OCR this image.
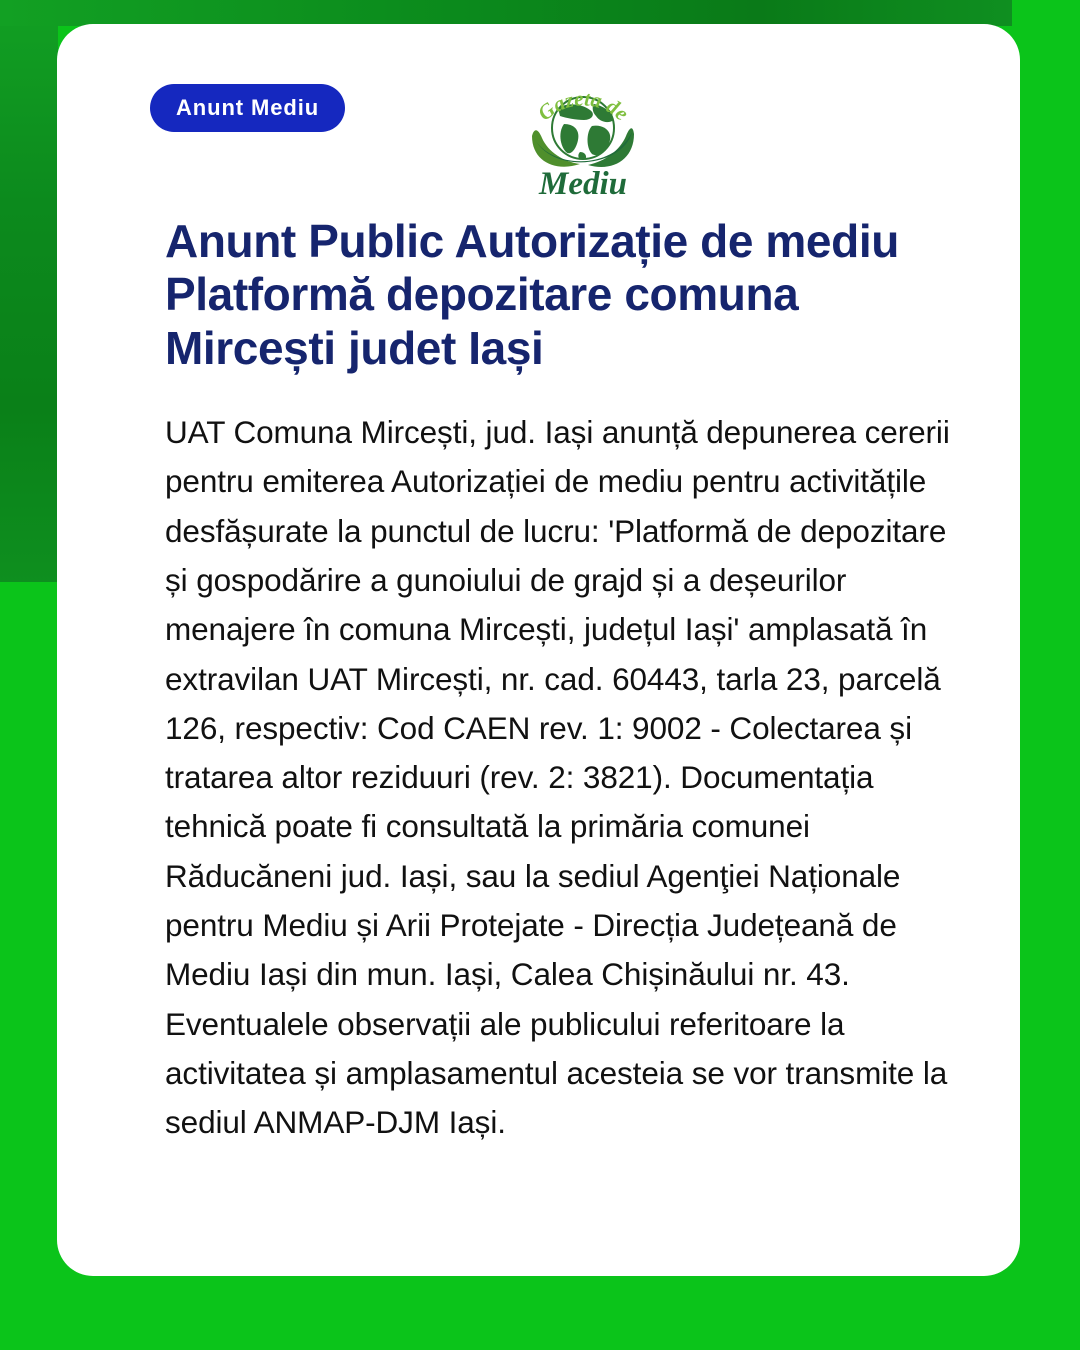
Anunt Mediu	Gazeta de
Mediu
Anunt Public Autorizație de mediu Platformă depozitare comuna Mircești judet Iași

UAT Comuna Mircești, jud. Iași anunță depunerea cererii pentru emiterea Autorizației de mediu pentru activitățile desfășurate la punctul de lucru: 'Platformă de depozitare și gospodărire a gunoiului de grajd și a deșeurilor menajere în comuna Mircești, județul Iași' amplasată în extravilan UAT Mircești, nr. cad. 60443, tarla 23, parcelă 126, respectiv: Cod CAEN rev. 1: 9002 - Colectarea și tratarea altor reziduuri (rev. 2: 3821). Documentația tehnică poate fi consultată la primăria comunei Răducăneni jud. Iași, sau la sediul Agenţiei Naționale pentru Mediu și Arii Protejate - Direcția Județeană de Mediu Iași din mun. Iași, Calea Chișinăului nr. 43. Eventualele observații ale publicului referitoare la activitatea și amplasamentul acesteia se vor transmite la sediul ANMAP-DJM Iași.
